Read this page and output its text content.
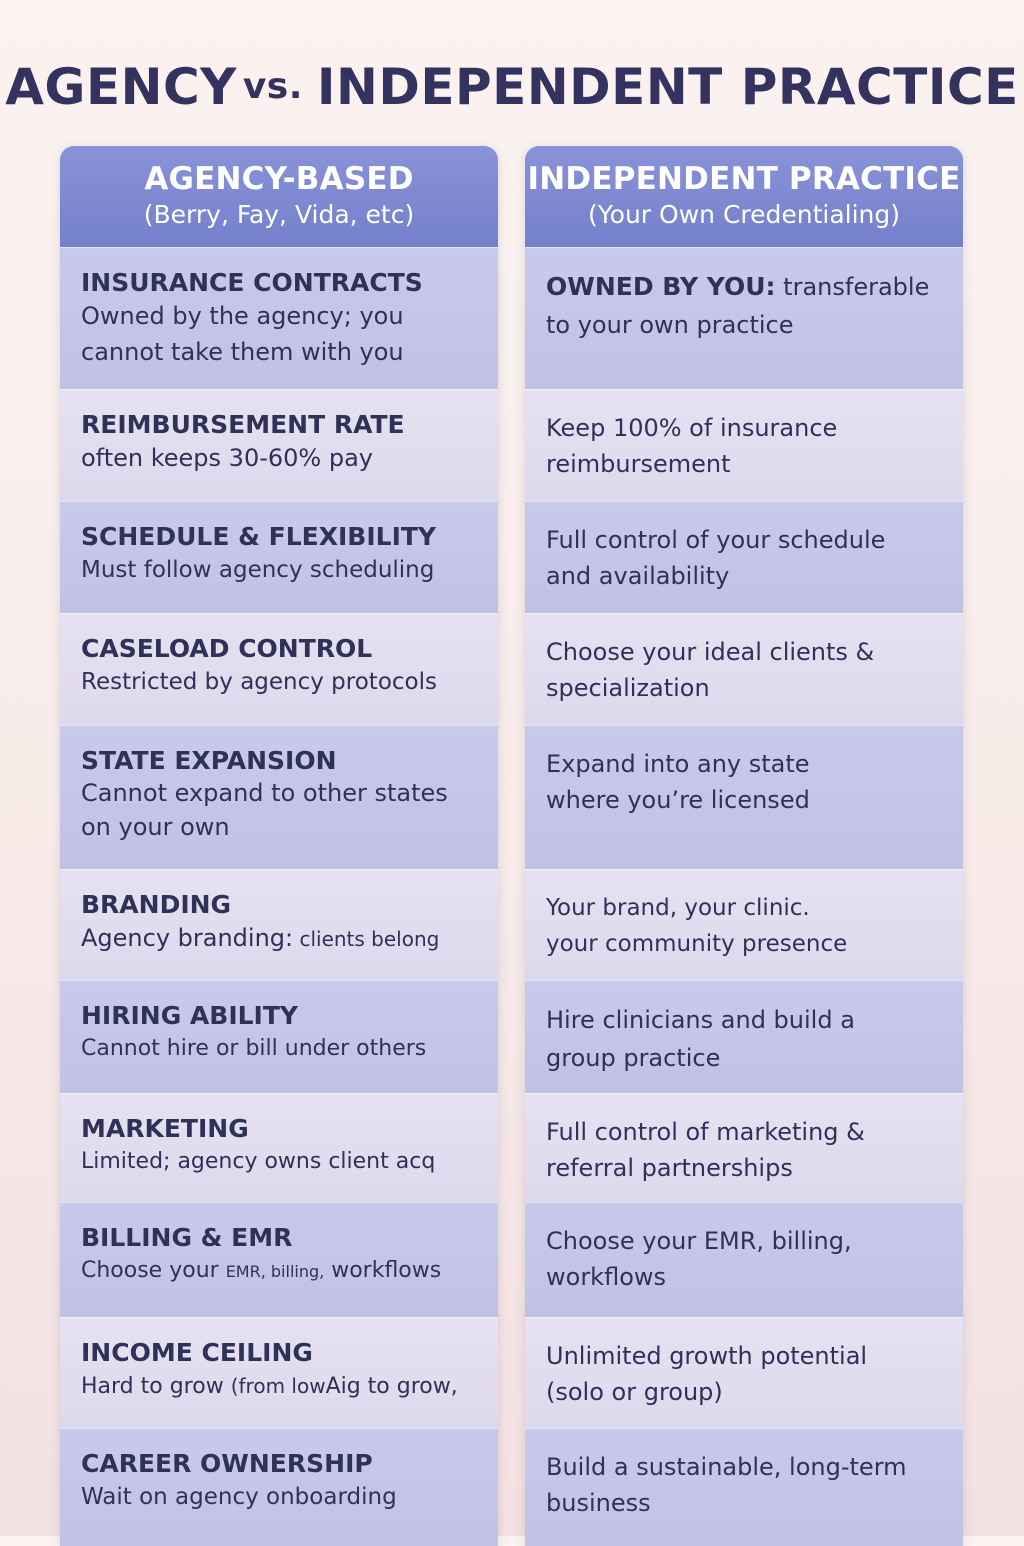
AGENCY vs. INDEPENDENT PRACTICE
AGENCY-BASED
(Berry, Fay, Vida, etc)
INSURANCE CONTRACTS
Owned by the agency; you cannot take them with you
REIMBURSEMENT RATE
often keeps 30-60% pay
SCHEDULE & FLEXIBILITY
Must follow agency scheduling
CASELOAD CONTROL
Restricted by agency protocols
STATE EXPANSION
Cannot expand to other states on your own
BRANDING
Agency branding: clients belong
HIRING ABILITY
Cannot hire or bill under others
MARKETING
Limited; agency owns client acq
BILLING & EMR
Choose your EMR, billing, workflows
INCOME CEILING
Hard to grow (from lowAig to grow,
CAREER OWNERSHIP
Wait on agency onboarding
INDEPENDENT PRACTICE
(Your Own Credentialing)
OWNED BY YOU: transferable
to your own practice
Keep 100% of insurance reimbursement
Full control of your schedule and availability
Choose your ideal clients & specialization
Expand into any state where you’re licensed
Your brand, your clinic.
your community presence
Hire clinicians and build a group practice
Full control of marketing & referral partnerships
Choose your EMR, billing, workflows
Unlimited growth potential (solo or group)
Build a sustainable, long-term business
